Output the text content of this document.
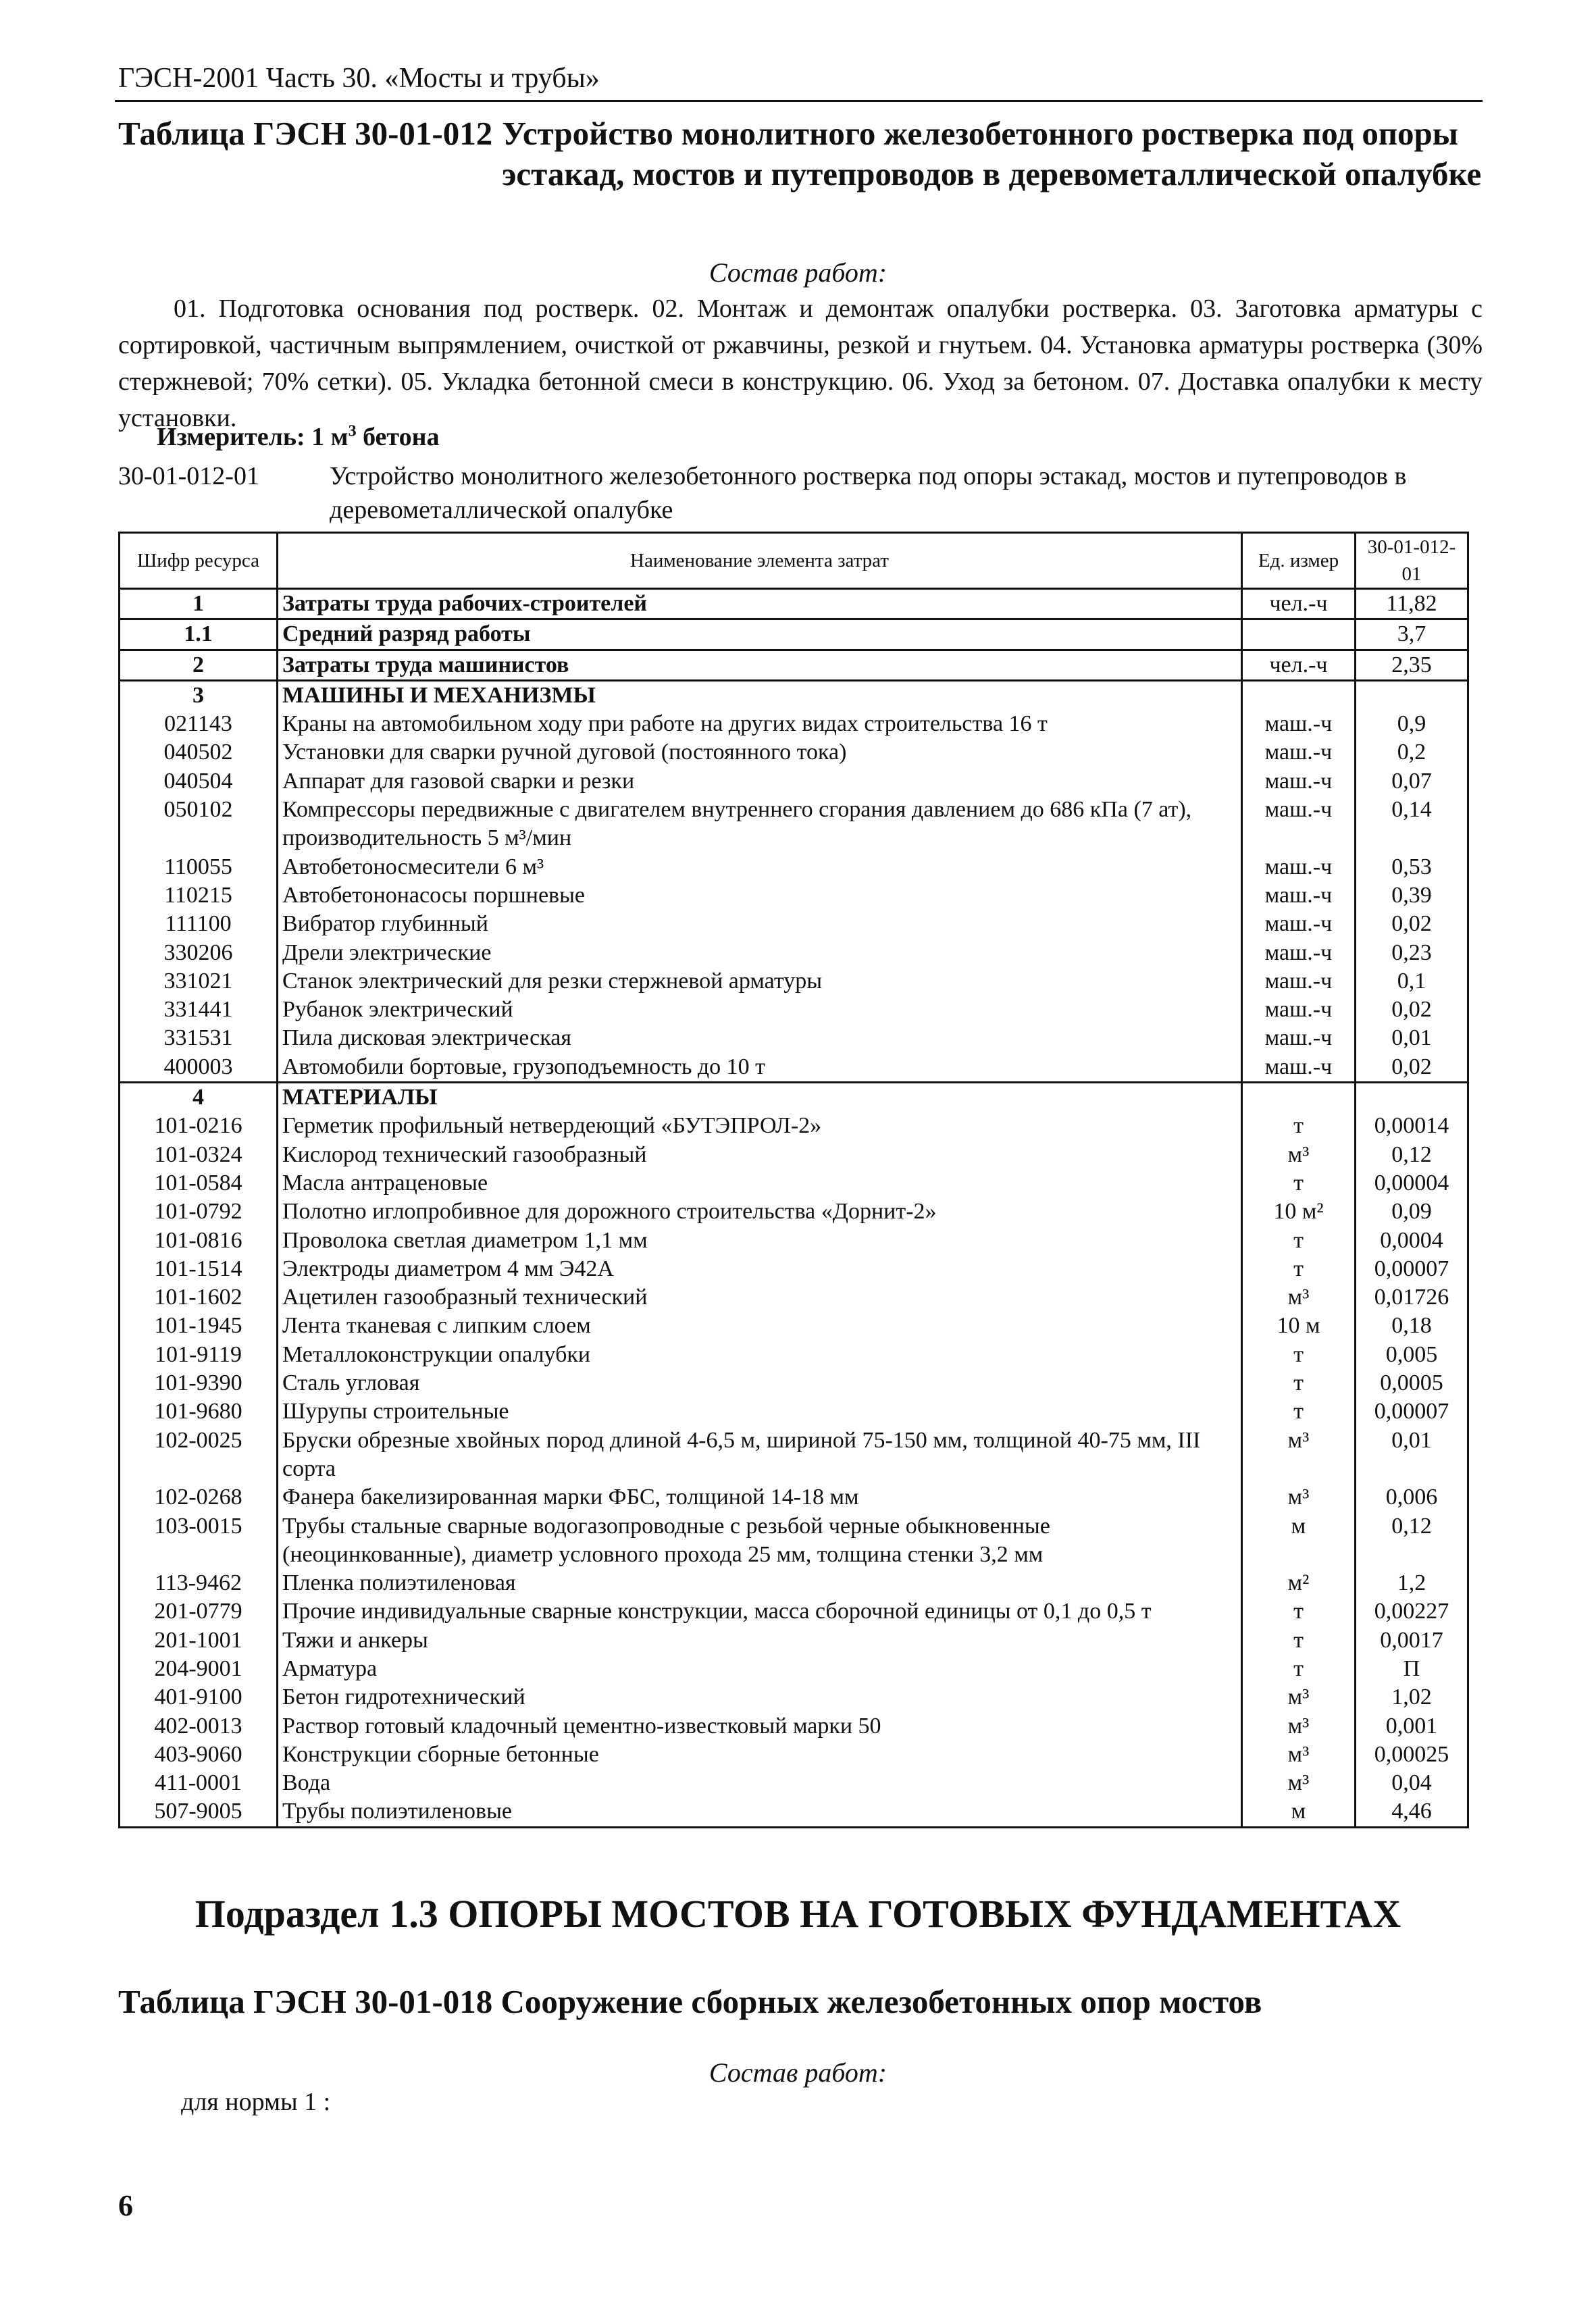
ГЭСН-2001 Часть 30. «Мосты и трубы»
Таблица ГЭСН 30-01-012 Устройство монолитного железобетонного ростверка под опоры эстакад, мостов и путепроводов в деревометаллической опалубке
Состав работ:
01. Подготовка основания под ростверк. 02. Монтаж и демонтаж опалубки ростверка. 03. Заготовка арматуры с сортировкой, частичным выпрямлением, очисткой от ржавчины, резкой и гнутьем. 04. Установка арматуры ростверка (30% стержневой; 70% сетки). 05. Укладка бетонной смеси в конструкцию. 06. Уход за бетоном. 07. Доставка опалубки к месту установки.
Измеритель: 1 $м^3$ бетона
30-01-012-01	Устройство монолитного железобетонного ростверка под опоры эстакад, мостов и путепроводов в деревометаллической опалубке
Шифр ресурса	Наименование элемента затрат	Ед. измер	30-01-012-01
1	Затраты труда рабочих-строителей	чел.-ч	11,82
1.1	Средний разряд работы		3,7
2	Затраты труда машинистов	чел.-ч	2,35
3	МАШИНЫ И МЕХАНИЗМЫ		
021143	Краны на автомобильном ходу при работе на других видах строительства 16 т	маш.-ч	0,9
040502	Установки для сварки ручной дуговой (постоянного тока)	маш.-ч	0,2
040504	Аппарат для газовой сварки и резки	маш.-ч	0,07
050102	Компрессоры передвижные с двигателем внутреннего сгорания давлением до 686 кПа (7 ат), производительность 5 м³/мин	маш.-ч	0,14
110055	Автобетоносмесители 6 м³	маш.-ч	0,53
110215	Автобетононасосы поршневые	маш.-ч	0,39
111100	Вибратор глубинный	маш.-ч	0,02
330206	Дрели электрические	маш.-ч	0,23
331021	Станок электрический для резки стержневой арматуры	маш.-ч	0,1
331441	Рубанок электрический	маш.-ч	0,02
331531	Пила дисковая электрическая	маш.-ч	0,01
400003	Автомобили бортовые, грузоподъемность до 10 т	маш.-ч	0,02
4	МАТЕРИАЛЫ		
101-0216	Герметик профильный нетвердеющий «БУТЭПРОЛ-2»	т	0,00014
101-0324	Кислород технический газообразный	м³	0,12
101-0584	Масла антраценовые	т	0,00004
101-0792	Полотно иглопробивное для дорожного строительства «Дорнит-2»	10 м²	0,09
101-0816	Проволока светлая диаметром 1,1 мм	т	0,0004
101-1514	Электроды диаметром 4 мм Э42А	т	0,00007
101-1602	Ацетилен газообразный технический	м³	0,01726
101-1945	Лента тканевая с липким слоем	10 м	0,18
101-9119	Металлоконструкции опалубки	т	0,005
101-9390	Сталь угловая	т	0,0005
101-9680	Шурупы строительные	т	0,00007
102-0025	Бруски обрезные хвойных пород длиной 4-6,5 м, шириной 75-150 мм, толщиной 40-75 мм, III сорта	м³	0,01
102-0268	Фанера бакелизированная марки ФБС, толщиной 14-18 мм	м³	0,006
103-0015	Трубы стальные сварные водогазопроводные с резьбой черные обыкновенные (неоцинкованные), диаметр условного прохода 25 мм, толщина стенки 3,2 мм	м	0,12
113-9462	Пленка полиэтиленовая	м²	1,2
201-0779	Прочие индивидуальные сварные конструкции, масса сборочной единицы от 0,1 до 0,5 т	т	0,00227
201-1001	Тяжи и анкеры	т	0,0017
204-9001	Арматура	т	П
401-9100	Бетон гидротехнический	м³	1,02
402-0013	Раствор готовый кладочный цементно-известковый марки 50	м³	0,001
403-9060	Конструкции сборные бетонные	м³	0,00025
411-0001	Вода	м³	0,04
507-9005	Трубы полиэтиленовые	м	4,46
Подраздел 1.3 ОПОРЫ МОСТОВ НА ГОТОВЫХ ФУНДАМЕНТАХ
Таблица ГЭСН 30-01-018 Сооружение сборных железобетонных опор мостов
Состав работ:
для нормы 1 :
6
